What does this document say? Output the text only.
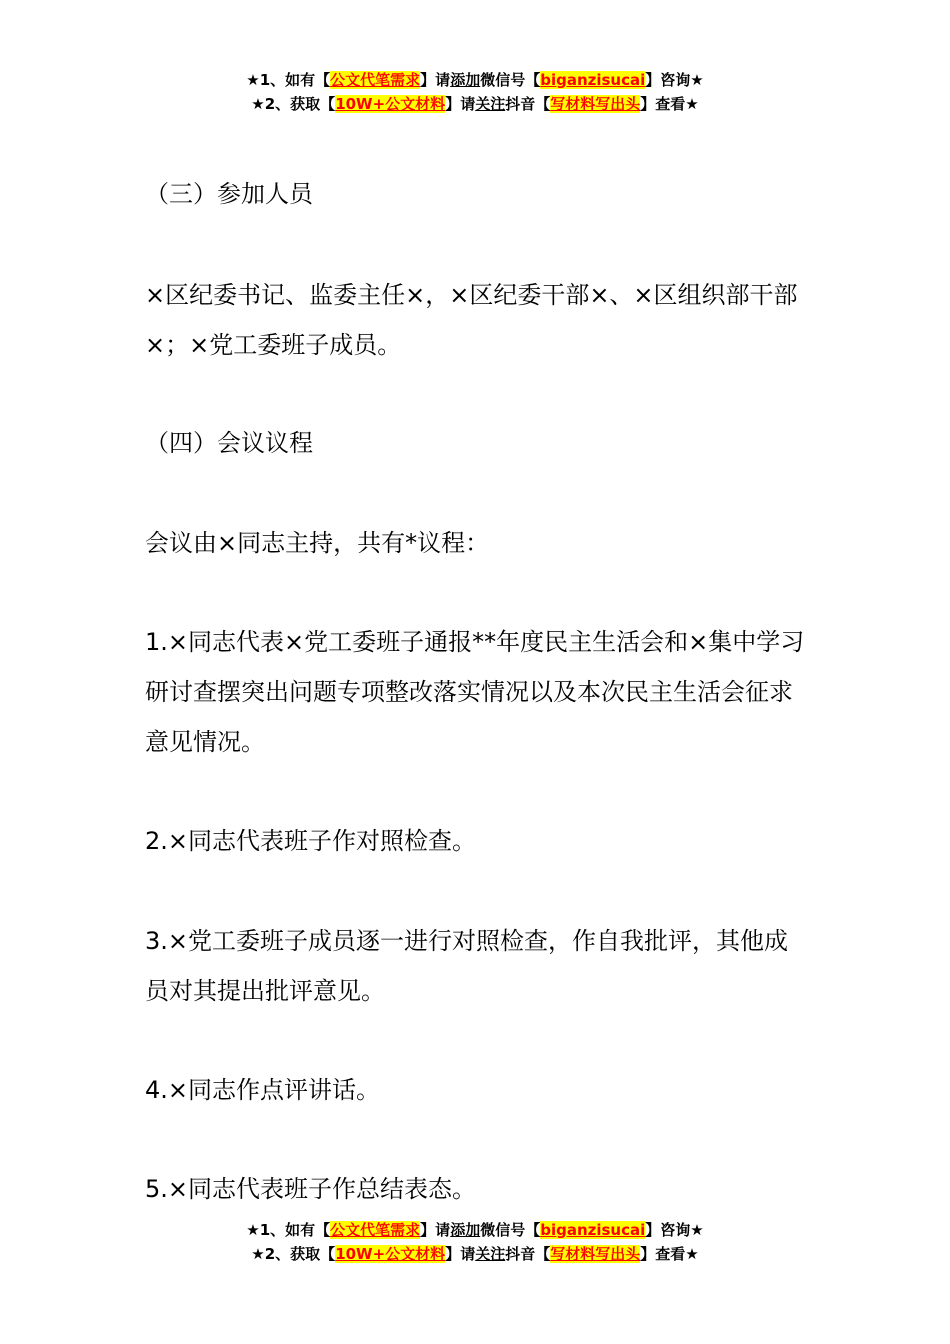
★1、如有【公文代笔需求】请添加微信号【biganzisucai】咨询★
★2、获取【10W+公文材料】请关注抖音【写材料写出头】查看★

（三）参加人员

×区纪委书记、监委主任×，×区纪委干部×、×区组织部干部×；×党工委班子成员。

（四）会议议程

会议由×同志主持，共有*议程：

1.×同志代表×党工委班子通报**年度民主生活会和×集中学习研讨查摆突出问题专项整改落实情况以及本次民主生活会征求意见情况。

2.×同志代表班子作对照检查。

3.×党工委班子成员逐一进行对照检查，作自我批评，其他成员对其提出批评意见。

4.×同志作点评讲话。

5.×同志代表班子作总结表态。

★1、如有【公文代笔需求】请添加微信号【biganzisucai】咨询★
★2、获取【10W+公文材料】请关注抖音【写材料写出头】查看★
